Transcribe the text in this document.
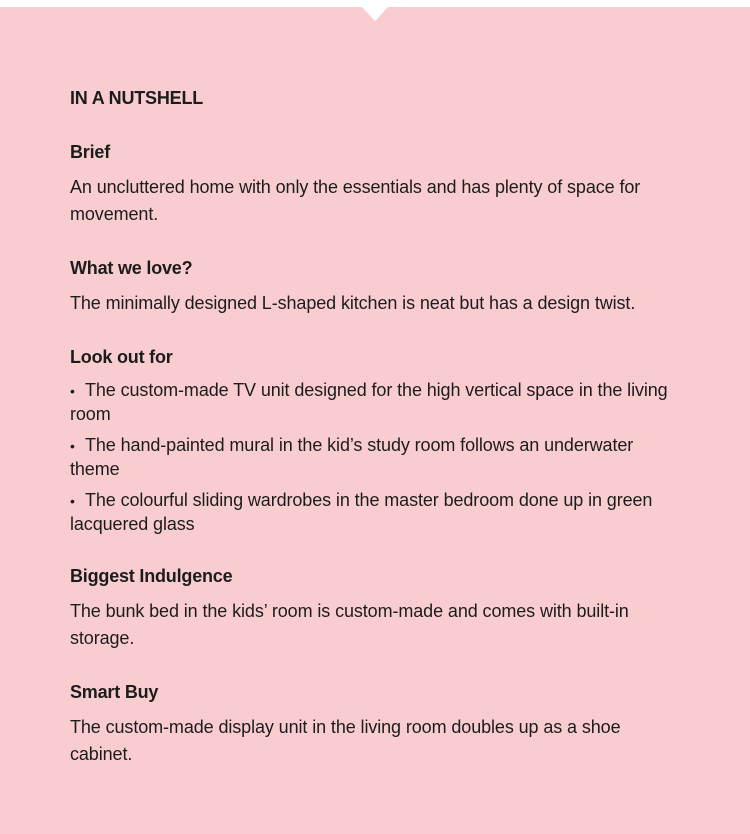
IN A NUTSHELL
Brief
An uncluttered home with only the essentials and has plenty of space for movement.
What we love?
The minimally designed L-shaped kitchen is neat but has a design twist.
Look out for
• The custom-made TV unit designed for the high vertical space in the living room
• The hand-painted mural in the kid’s study room follows an underwater theme
• The colourful sliding wardrobes in the master bedroom done up in green lacquered glass
Biggest Indulgence
The bunk bed in the kids’ room is custom-made and comes with built-in storage.
Smart Buy
The custom-made display unit in the living room doubles up as a shoe cabinet.
